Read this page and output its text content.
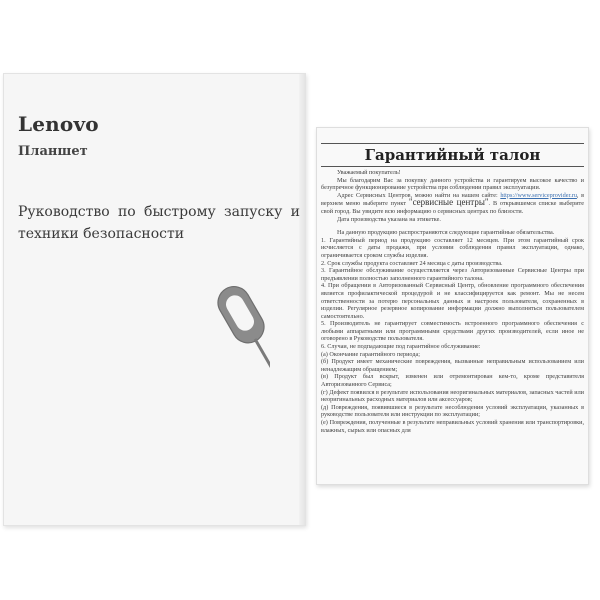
Lenovo
Планшет
Руководство по быстрому запуску и техники безопасности
Гарантийный талон

Уважаемый покупатель!

Мы благодарим Вас за покупку данного устройства и гарантируем высокое качество и безупречное функционирование устройства при соблюдении правил эксплуатации.

Адрес Сервисных Центров, можно найти на нашем сайте: https://www.serviceprovider.ru, в верхнем меню выберите пункт "сервисные центры". В открывшемся списке выберите свой город. Вы увидите всю информацию о сервисных центрах по близости.

Дата производства указана на этикетке.

На данную продукцию распространяются следующие гарантийные обязательства.

1. Гарантийный период на продукцию составляет 12 месяцев. При этом гарантийный срок исчисляется с даты продажи, при условии соблюдения правил эксплуатации, однако, ограничивается сроком службы изделия.

2. Срок службы продукта составляет 24 месяца с даты производства.

3. Гарантийное обслуживание осуществляется через Авторизованные Сервисные Центры при предъявлении полностью заполненного гарантийного талона.

4. При обращении в Авторизованный Сервисный Центр, обновление программного обеспечения является профилактической процедурой и не классифицируется как ремонт. Мы не несем ответственности за потерю персональных данных и настроек пользователя, сохраненных в изделии. Регулярное резервное копирование информации должно выполняться пользователем самостоятельно.

5. Производитель не гарантирует совместимость встроенного программного обеспечения с любыми аппаратными или программными средствами других производителей, если иное не оговорено в Руководстве пользователя.

6. Случаи, не подпадающие под гарантийное обслуживание:

(а) Окончание гарантийного периода;

(б) Продукт имеет механические повреждения, вызванные неправильным использованием или ненадлежащим обращением;

(в) Продукт был вскрыт, изменен или отремонтирован кем-то, кроме представителя Авторизованного Сервиса;

(г) Дефект появился в результате использования неоригинальных материалов, запасных частей или неоригинальных расходных материалов или аксессуаров;

(д) Повреждения, появившиеся в результате несоблюдения условий эксплуатации, указанных в руководстве пользователя или инструкции по эксплуатации;

(е) Повреждения, полученные в результате неправильных условий хранения или транспортировки, влажных, сырых или опасных для
